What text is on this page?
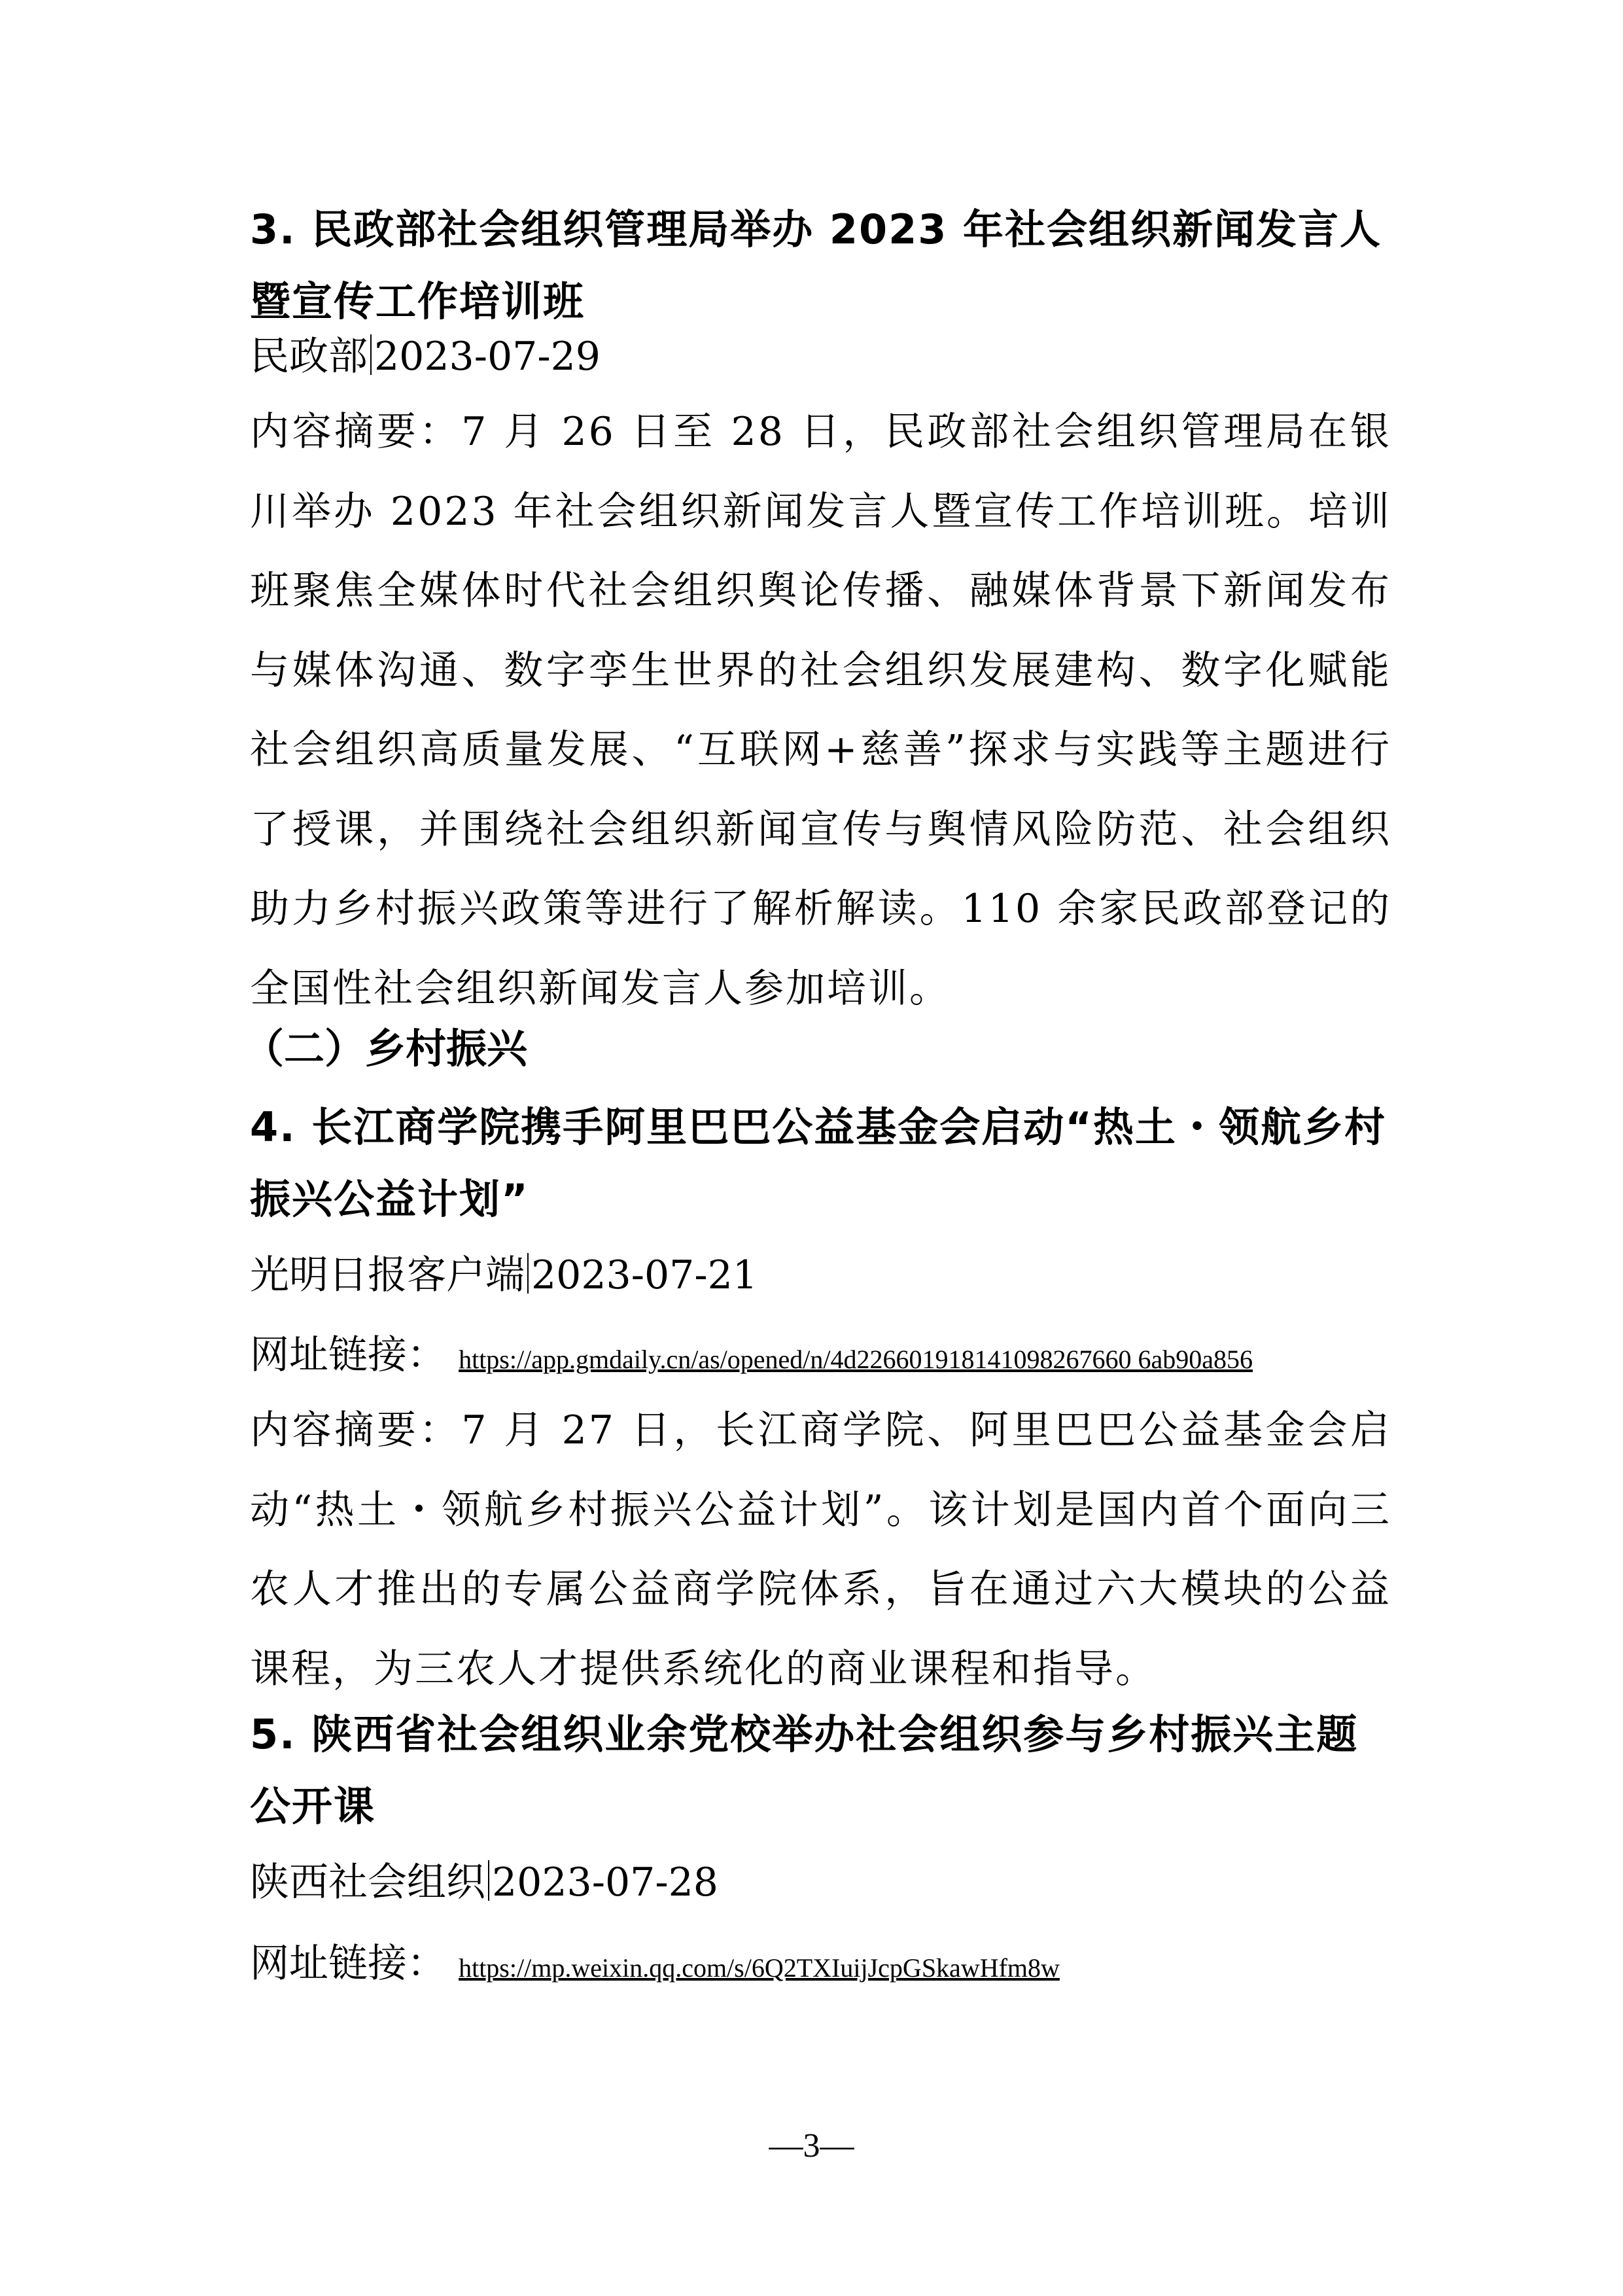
3. 民政部社会组织管理局举办 2023 年社会组织新闻发言人暨宣传工作培训班
民政部 2023-07-29
内容摘要：7 月 26 日至 28 日，民政部社会组织管理局在银川举办 2023 年社会组织新闻发言人暨宣传工作培训班。培训班聚焦全媒体时代社会组织舆论传播、融媒体背景下新闻发布与媒体沟通、数字孪生世界的社会组织发展建构、数字化赋能社会组织高质量发展、“互联网+慈善”探求与实践等主题进行了授课，并围绕社会组织新闻宣传与舆情风险防范、社会组织助力乡村振兴政策等进行了解析解读。110 余家民政部登记的全国性社会组织新闻发言人参加培训。
（二）乡村振兴
4. 长江商学院携手阿里巴巴公益基金会启动“热土・领航乡村振兴公益计划”
光明日报客户端 2023-07-21
网址链接： https://app.gmdaily.cn/as/opened/n/4d226601918141098267660 6ab90a856
内容摘要：7 月 27 日，长江商学院、阿里巴巴公益基金会启动“热土・领航乡村振兴公益计划”。该计划是国内首个面向三农人才推出的专属公益商学院体系，旨在通过六大模块的公益课程，为三农人才提供系统化的商业课程和指导。
5. 陕西省社会组织业余党校举办社会组织参与乡村振兴主题公开课
陕西社会组织 2023-07-28
网址链接： https://mp.weixin.qq.com/s/6Q2TXIuijJcpGSkawHfm8w
—3—
